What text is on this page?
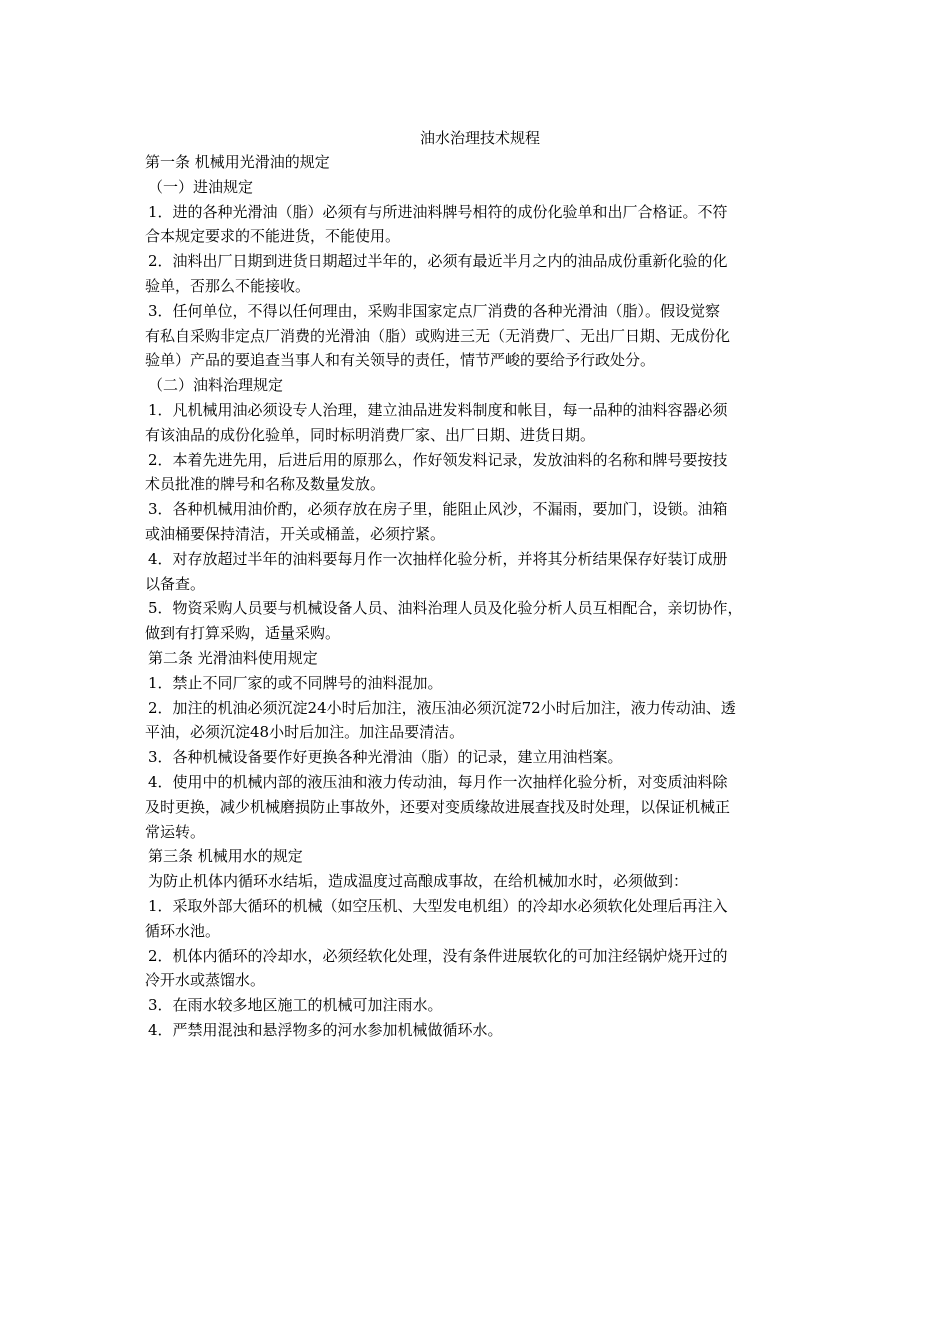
油水治理技术规程

第一条 机械用光滑油的规定

（一）进油规定

1．进的各种光滑油（脂）必须有与所进油料牌号相符的成份化验单和出厂合格证。不符

合本规定要求的不能进货，不能使用。

2．油料出厂日期到进货日期超过半年的，必须有最近半月之内的油品成份重新化验的化

验单，否那么不能接收。

3．任何单位，不得以任何理由，采购非国家定点厂消费的各种光滑油（脂）。假设觉察

有私自采购非定点厂消费的光滑油（脂）或购进三无（无消费厂、无出厂日期、无成份化

验单）产品的要追查当事人和有关领导的责任，情节严峻的要给予行政处分。

（二）油料治理规定

1．凡机械用油必须设专人治理，建立油品进发料制度和帐目，每一品种的油料容器必须

有该油品的成份化验单，同时标明消费厂家、出厂日期、进货日期。

2．本着先进先用，后进后用的原那么，作好领发料记录，发放油料的名称和牌号要按技

术员批准的牌号和名称及数量发放。

3．各种机械用油价酌，必须存放在房子里，能阻止风沙，不漏雨，要加门，设锁。油箱

或油桶要保持清洁，开关或桶盖，必须拧紧。

4．对存放超过半年的油料要每月作一次抽样化验分析，并将其分析结果保存好装订成册

以备查。

5．物资采购人员要与机械设备人员、油料治理人员及化验分析人员互相配合，亲切协作，

做到有打算采购，适量采购。

第二条 光滑油料使用规定

1．禁止不同厂家的或不同牌号的油料混加。

2．加注的机油必须沉淀24小时后加注，液压油必须沉淀72小时后加注，液力传动油、透

平油，必须沉淀48小时后加注。加注品要清洁。

3．各种机械设备要作好更换各种光滑油（脂）的记录，建立用油档案。

4．使用中的机械内部的液压油和液力传动油，每月作一次抽样化验分析，对变质油料除

及时更换，减少机械磨损防止事故外，还要对变质缘故进展查找及时处理，以保证机械正

常运转。

第三条 机械用水的规定

为防止机体内循环水结垢，造成温度过高酿成事故，在给机械加水时，必须做到：

1．采取外部大循环的机械（如空压机、大型发电机组）的冷却水必须软化处理后再注入

循环水池。

2．机体内循环的冷却水，必须经软化处理，没有条件进展软化的可加注经锅炉烧开过的

冷开水或蒸馏水。

3．在雨水较多地区施工的机械可加注雨水。

4．严禁用混浊和悬浮物多的河水参加机械做循环水。
